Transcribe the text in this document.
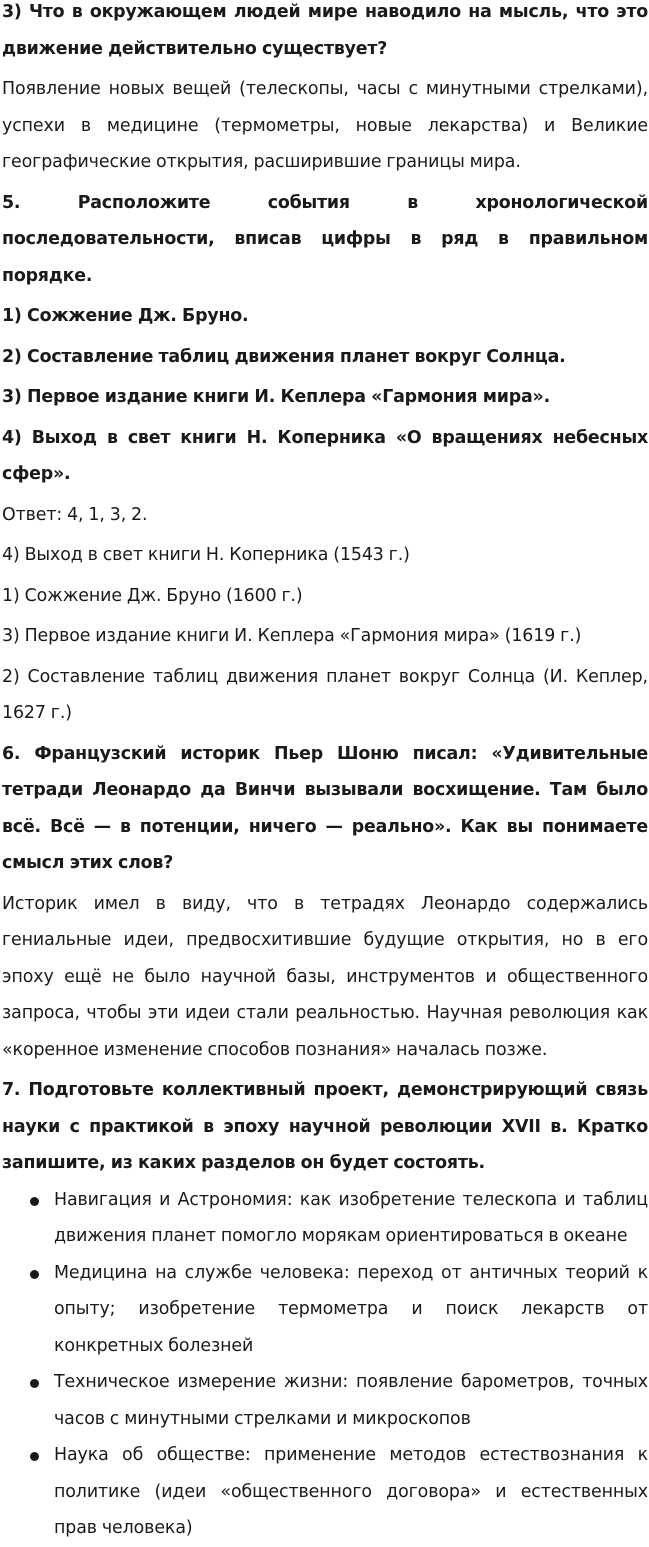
3) Что в окружающем людей мире наводило на мысль, что это движение действительно существует?

Появление новых вещей (телескопы, часы с минутными стрелками), успехи в медицине (термометры, новые лекарства) и Великие географические открытия, расширившие границы мира.

5. Расположите события в хронологической последовательности, вписав цифры в ряд в правильном порядке.

1) Сожжение Дж. Бруно.

2) Составление таблиц движения планет вокруг Солнца.

3) Первое издание книги И. Кеплера «Гармония мира».

4) Выход в свет книги Н. Коперника «О вращениях небесных сфер».

Ответ: 4, 1, 3, 2.

4) Выход в свет книги Н. Коперника (1543 г.)

1) Сожжение Дж. Бруно (1600 г.)

3) Первое издание книги И. Кеплера «Гармония мира» (1619 г.)

2) Составление таблиц движения планет вокруг Солнца (И. Кеплер, 1627 г.)

6. Французский историк Пьер Шоню писал: «Удивительные тетради Леонардо да Винчи вызывали восхищение. Там было всё. Всё — в потенции, ничего — реально». Как вы понимаете смысл этих слов?

Историк имел в виду, что в тетрадях Леонардо содержались гениальные идеи, предвосхитившие будущие открытия, но в его эпоху ещё не было научной базы, инструментов и общественного запроса, чтобы эти идеи стали реальностью. Научная революция как «коренное изменение способов познания» началась позже.

7. Подготовьте коллективный проект, демонстрирующий связь науки с практикой в эпоху научной революции XVII в. Кратко запишите, из каких разделов он будет состоять.

Навигация и Астрономия: как изобретение телескопа и таблиц движения планет помогло морякам ориентироваться в океане
Медицина на службе человека: переход от античных теорий к опыту; изобретение термометра и поиск лекарств от конкретных болезней
Техническое измерение жизни: появление барометров, точных часов с минутными стрелками и микроскопов
Наука об обществе: применение методов естествознания к политике (идеи «общественного договора» и естественных прав человека)
